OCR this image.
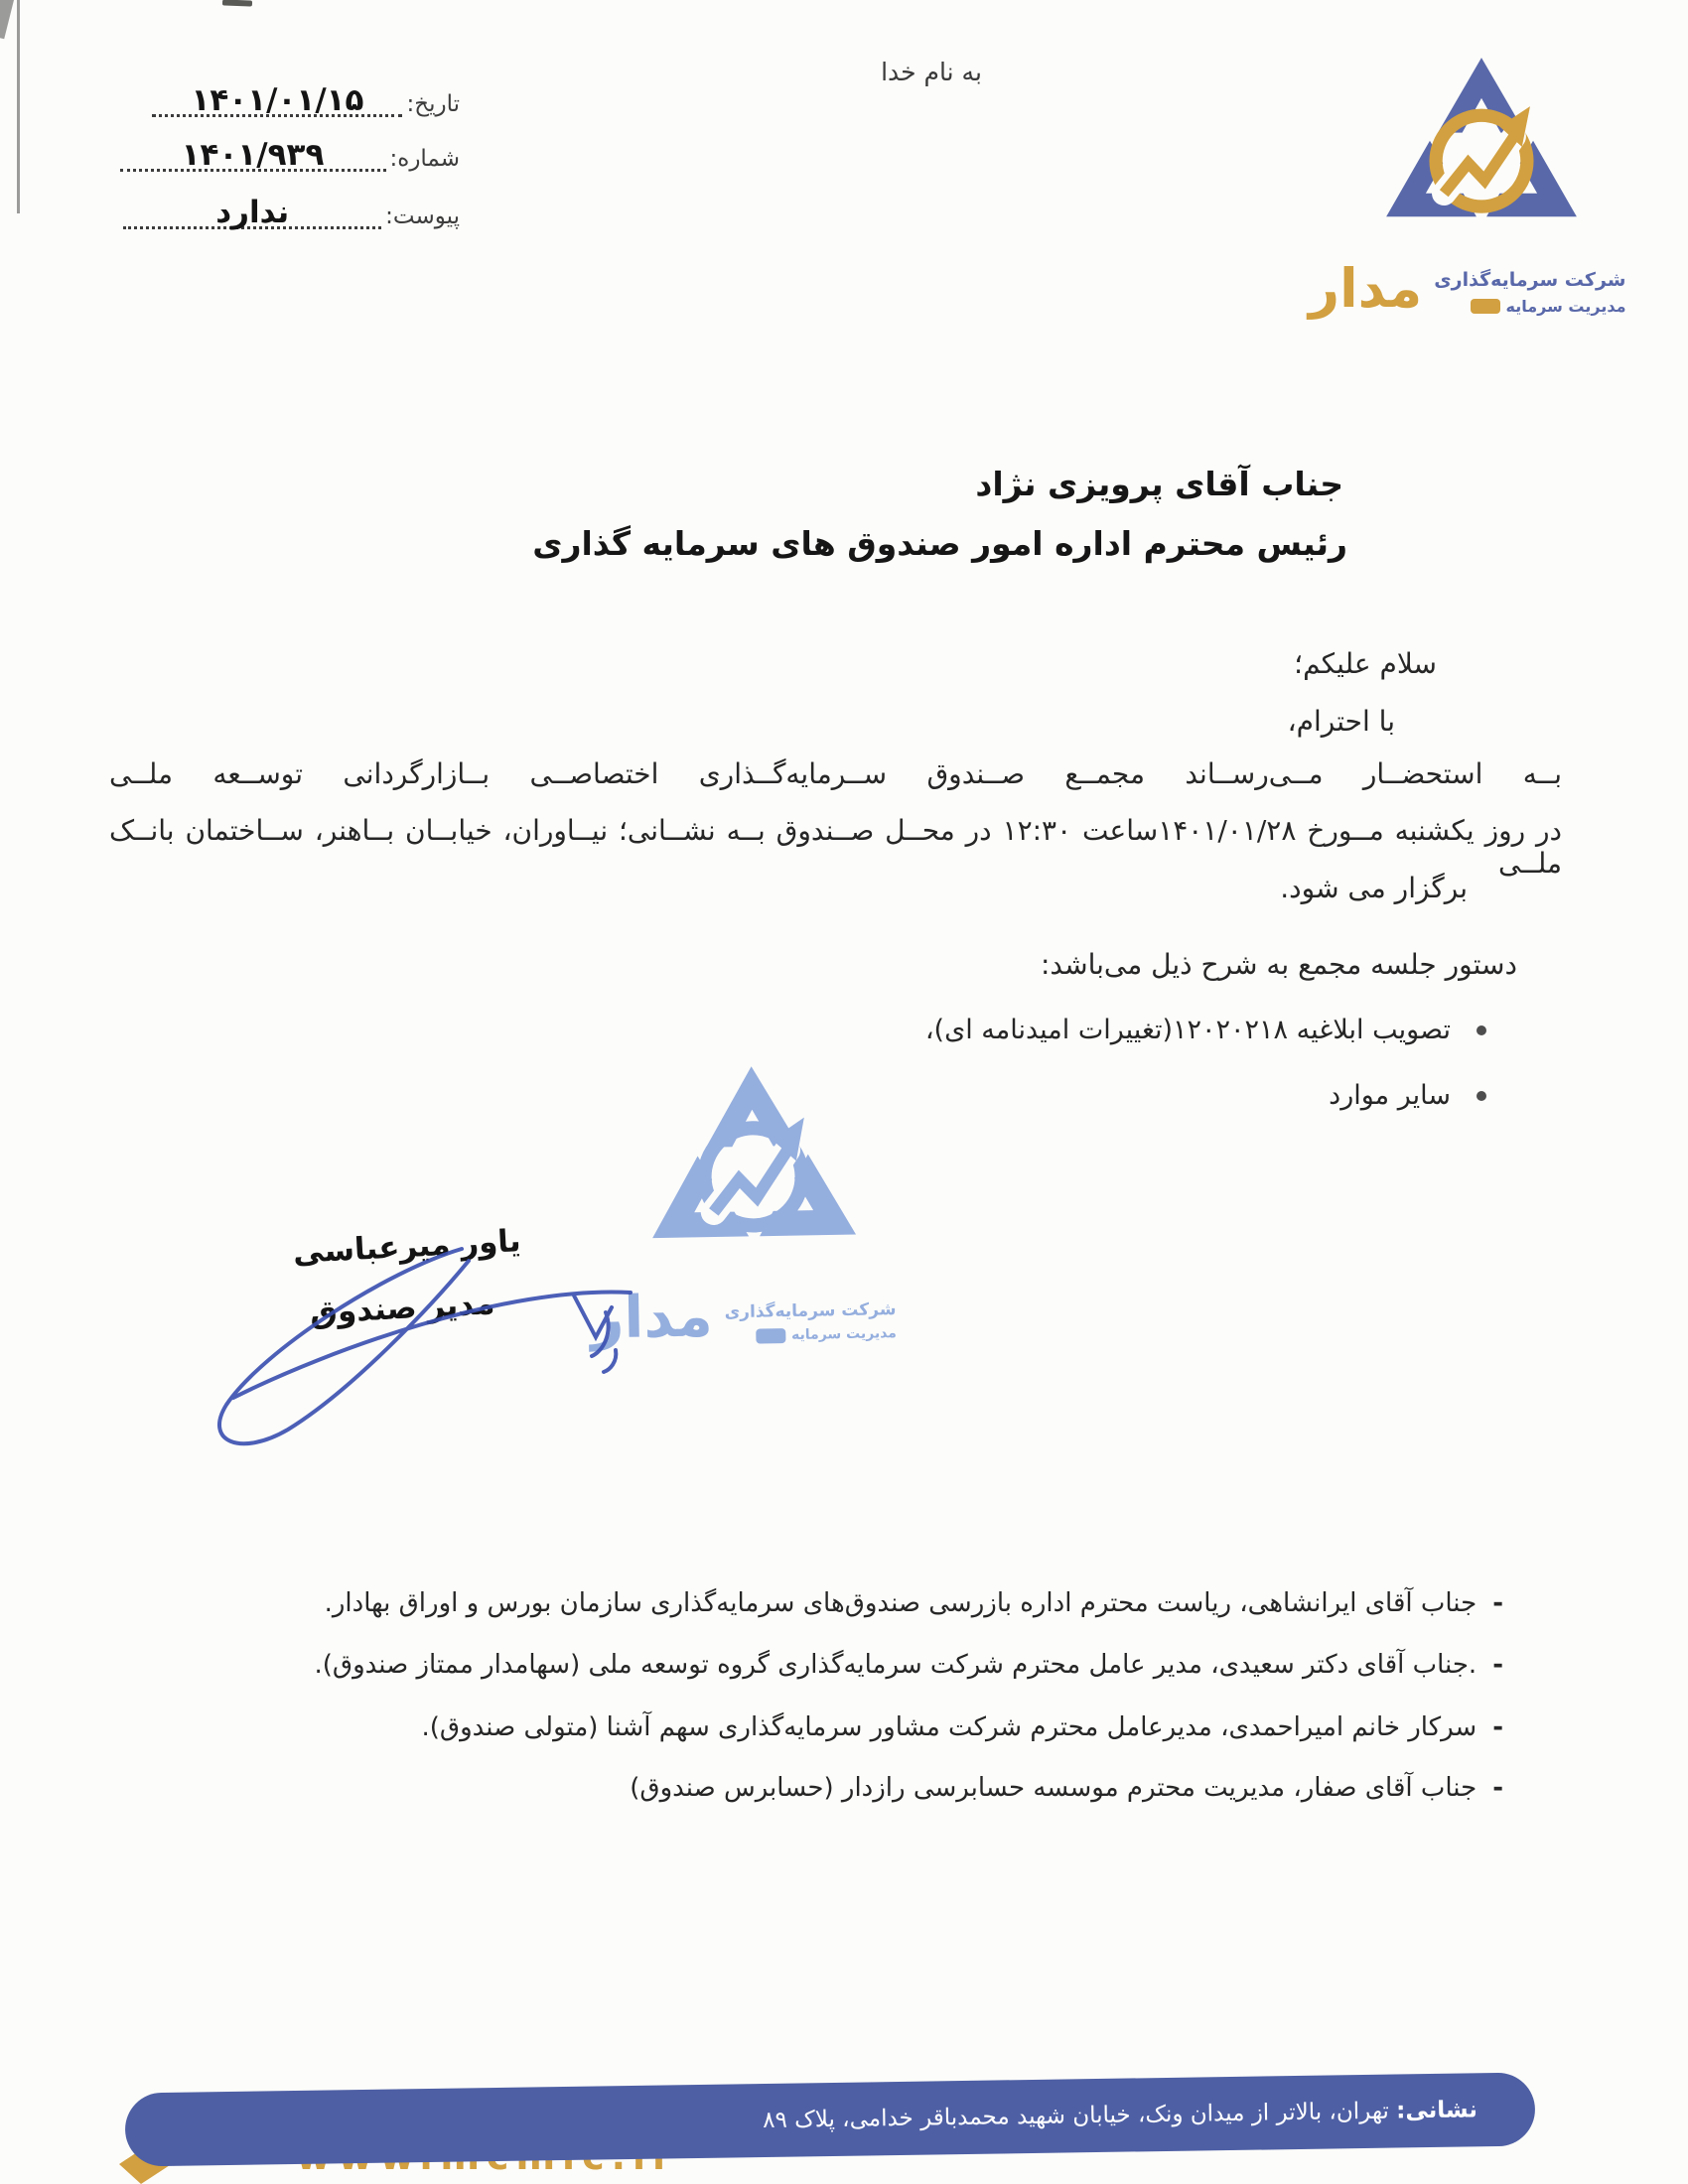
تاریخ:
۱۴۰۱/۰۱/۱۵
شماره:
۱۴۰۱/۹۳۹
پیوست:
ندارد
به نام خدا
مدار شرکت سرمایه‌گذاری
مدیریت سرمایه
جناب آقای پرویزی نژاد
رئیس محترم اداره امور صندوق های سرمایه گذاری
سلام علیکم؛
با احترام،
بــه استحضــار مــی‌رســاند مجمــع صــندوق ســرمایه‌گــذاری اختصاصــی بــازارگردانی توســعه ملــی
در روز یکشنبه مــورخ ۱۴۰۱/۰۱/۲۸ساعت ۱۲:۳۰ در محــل صــندوق بــه نشــانی؛ نیــاوران، خیابــان بــاهنر، ســاختمان بانــک ملــی
برگزار می شود.
دستور جلسه مجمع به شرح ذیل می‌باشد:
تصویب ابلاغیه ۱۲۰۲۰۲۱۸(تغییرات امیدنامه ای)،
سایر موارد
مدار شرکت سرمایه‌گذاری
مدیریت سرمایه
یاور میرعباسی
مدیر صندوق
-
جناب آقای ایرانشاهی، ریاست محترم اداره بازرسی صندوق‌های سرمایه‌گذاری سازمان بورس و اوراق بهادار.
-
.جناب آقای دکتر سعیدی، مدیر عامل محترم شرکت سرمایه‌گذاری گروه توسعه ملی (سهامدار ممتاز صندوق).
-
سرکار خانم امیراحمدی، مدیرعامل محترم شرکت مشاور سرمایه‌گذاری سهم آشنا (متولی صندوق).
-
جناب آقای صفار، مدیریت محترم موسسه حسابرسی رازدار (حسابرس صندوق)
نشانی: تهران، بالاتر از میدان ونک، خیابان شهید محمدباقر خدامی، پلاک ۸۹
